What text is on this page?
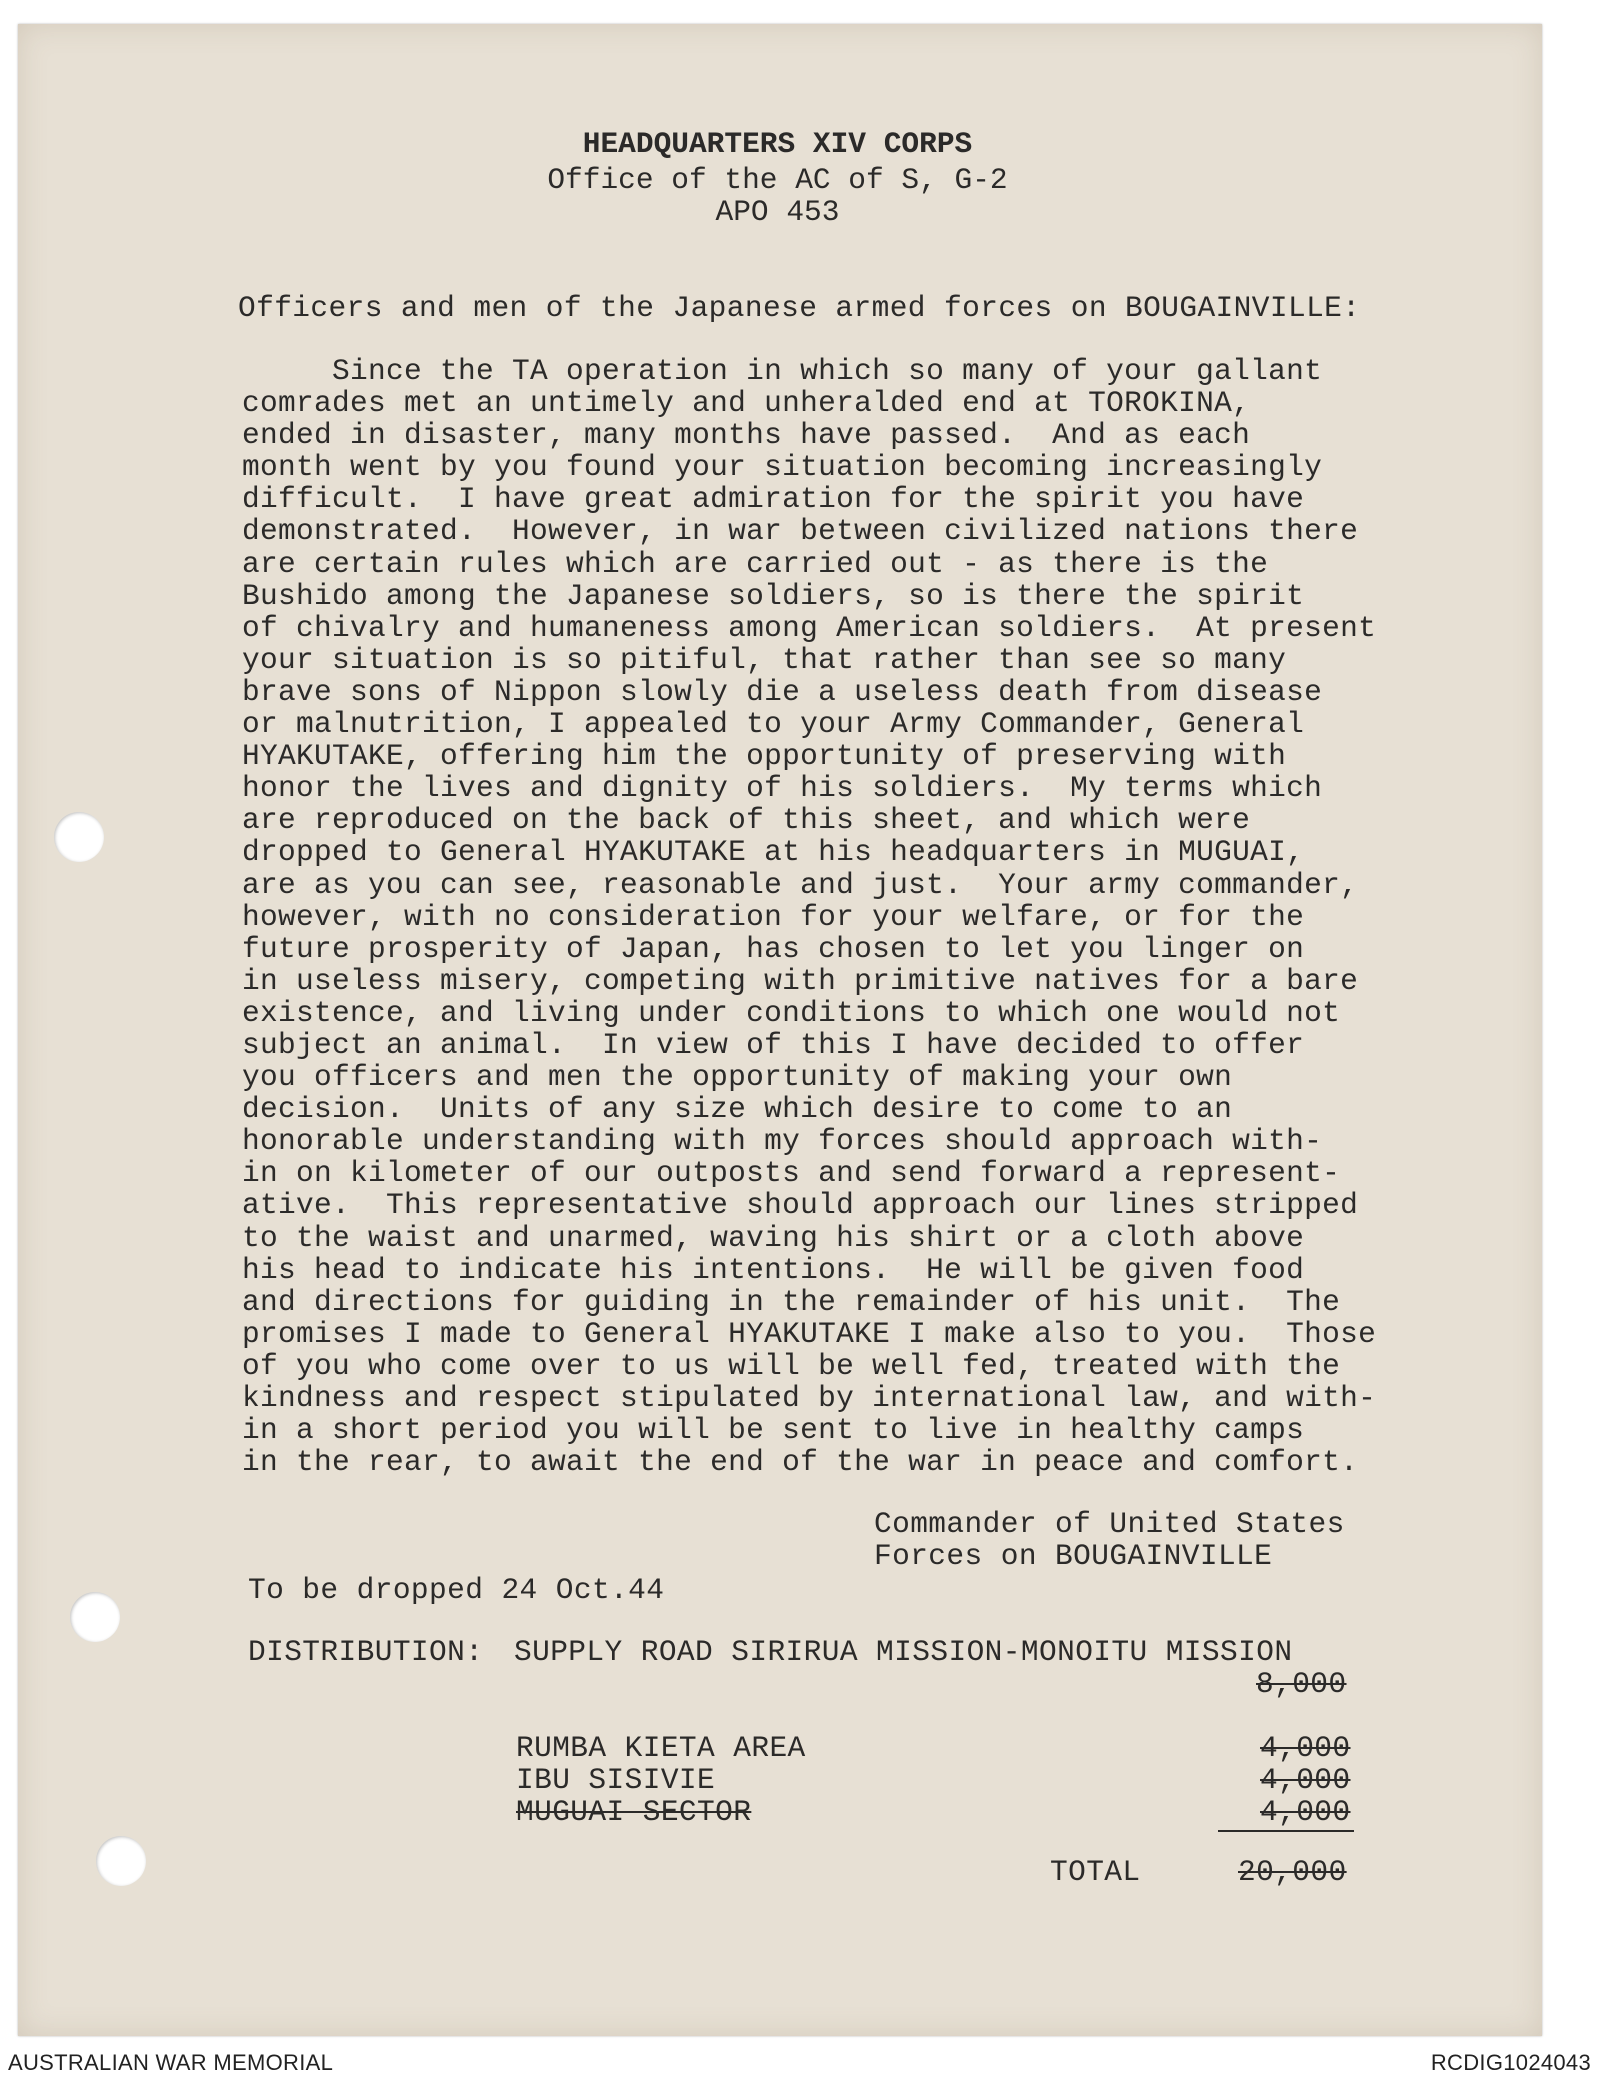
HEADQUARTERS XIV CORPS
Office of the AC of S, G-2
APO 453
Officers and men of the Japanese armed forces on BOUGAINVILLE:
Since the TA operation in which so many of your gallant
comrades met an untimely and unheralded end at TOROKINA,
ended in disaster, many months have passed.  And as each
month went by you found your situation becoming increasingly
difficult.  I have great admiration for the spirit you have
demonstrated.  However, in war between civilized nations there
are certain rules which are carried out - as there is the
Bushido among the Japanese soldiers, so is there the spirit
of chivalry and humaneness among American soldiers.  At present
your situation is so pitiful, that rather than see so many
brave sons of Nippon slowly die a useless death from disease
or malnutrition, I appealed to your Army Commander, General
HYAKUTAKE, offering him the opportunity of preserving with
honor the lives and dignity of his soldiers.  My terms which
are reproduced on the back of this sheet, and which were
dropped to General HYAKUTAKE at his headquarters in MUGUAI,
are as you can see, reasonable and just.  Your army commander,
however, with no consideration for your welfare, or for the
future prosperity of Japan, has chosen to let you linger on
in useless misery, competing with primitive natives for a bare
existence, and living under conditions to which one would not
subject an animal.  In view of this I have decided to offer
you officers and men the opportunity of making your own
decision.  Units of any size which desire to come to an
honorable understanding with my forces should approach with-
in on kilometer of our outposts and send forward a represent-
ative.  This representative should approach our lines stripped
to the waist and unarmed, waving his shirt or a cloth above
his head to indicate his intentions.  He will be given food
and directions for guiding in the remainder of his unit.  The
promises I made to General HYAKUTAKE I make also to you.  Those
of you who come over to us will be well fed, treated with the
kindness and respect stipulated by international law, and with-
in a short period you will be sent to live in healthy camps
in the rear, to await the end of the war in peace and comfort.
Commander of United States
Forces on BOUGAINVILLE
To be dropped 24 Oct.44
DISTRIBUTION: SUPPLY ROAD SIRIRUA MISSION-MONOITU MISSION
8,000
RUMBA KIETA AREA	4,000
IBU SISIVIE	4,000
MUGUAI SECTOR	4,000
TOTAL	20,000
AUSTRALIAN WAR MEMORIAL	RCDIG1024043
